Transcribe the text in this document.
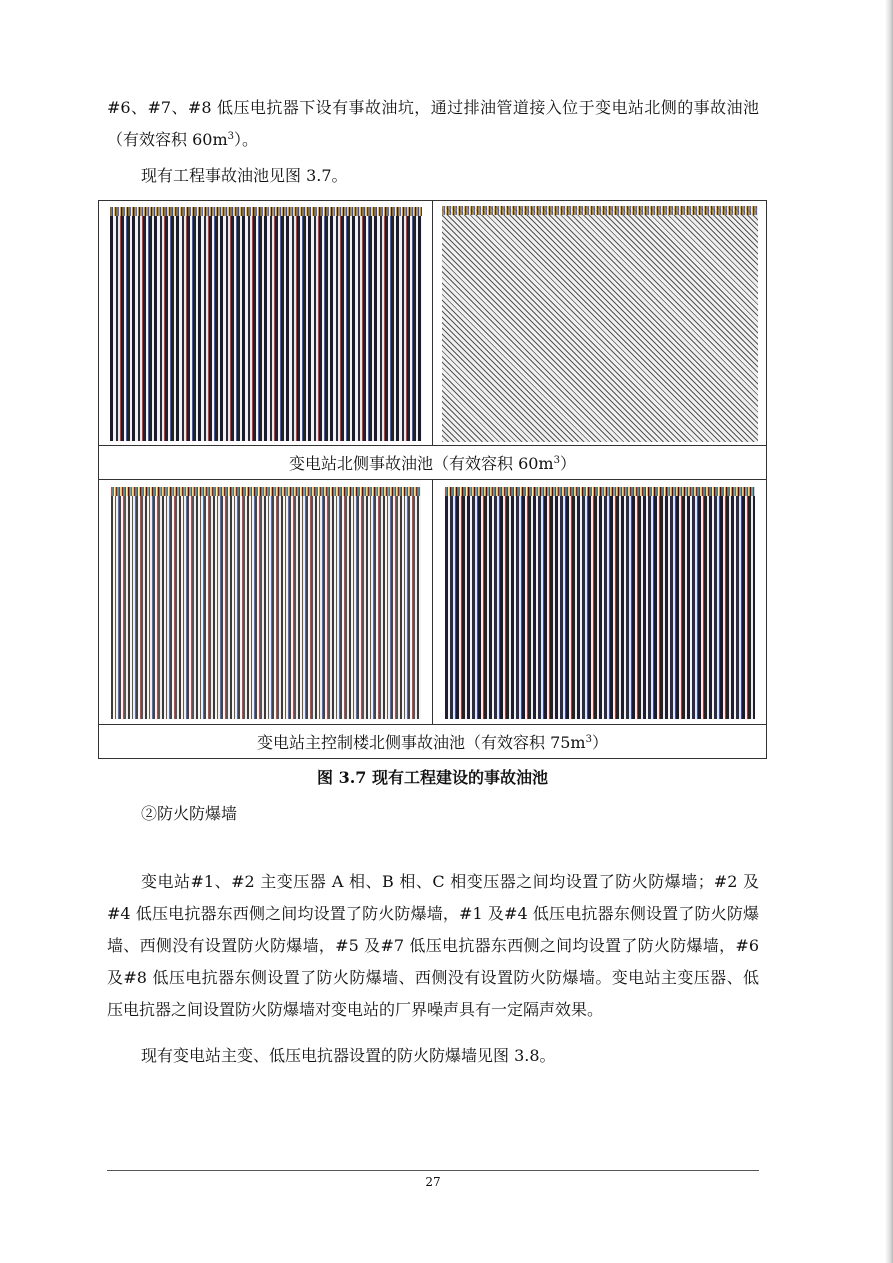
#6、#7、#8 低压电抗器下设有事故油坑，通过排油管道接入位于变电站北侧的事故油池（有效容积 $60m^3$）。

现有工程事故油池见图 3.7。

变电站北侧事故油池（有效容积 $60m^3$）	

变电站主控制楼北侧事故油池（有效容积 $75m^3$）	

图 3.7 现有工程建设的事故油池

②防火防爆墙

变电站#1、#2 主变压器 A 相、B 相、C 相变压器之间均设置了防火防爆墙；#2 及#4 低压电抗器东西侧之间均设置了防火防爆墙，#1 及#4 低压电抗器东侧设置了防火防爆墙、西侧没有设置防火防爆墙，#5 及#7 低压电抗器东西侧之间均设置了防火防爆墙，#6 及#8 低压电抗器东侧设置了防火防爆墙、西侧没有设置防火防爆墙。变电站主变压器、低压电抗器之间设置防火防爆墙对变电站的厂界噪声具有一定隔声效果。

现有变电站主变、低压电抗器设置的防火防爆墙见图 3.8。

27
